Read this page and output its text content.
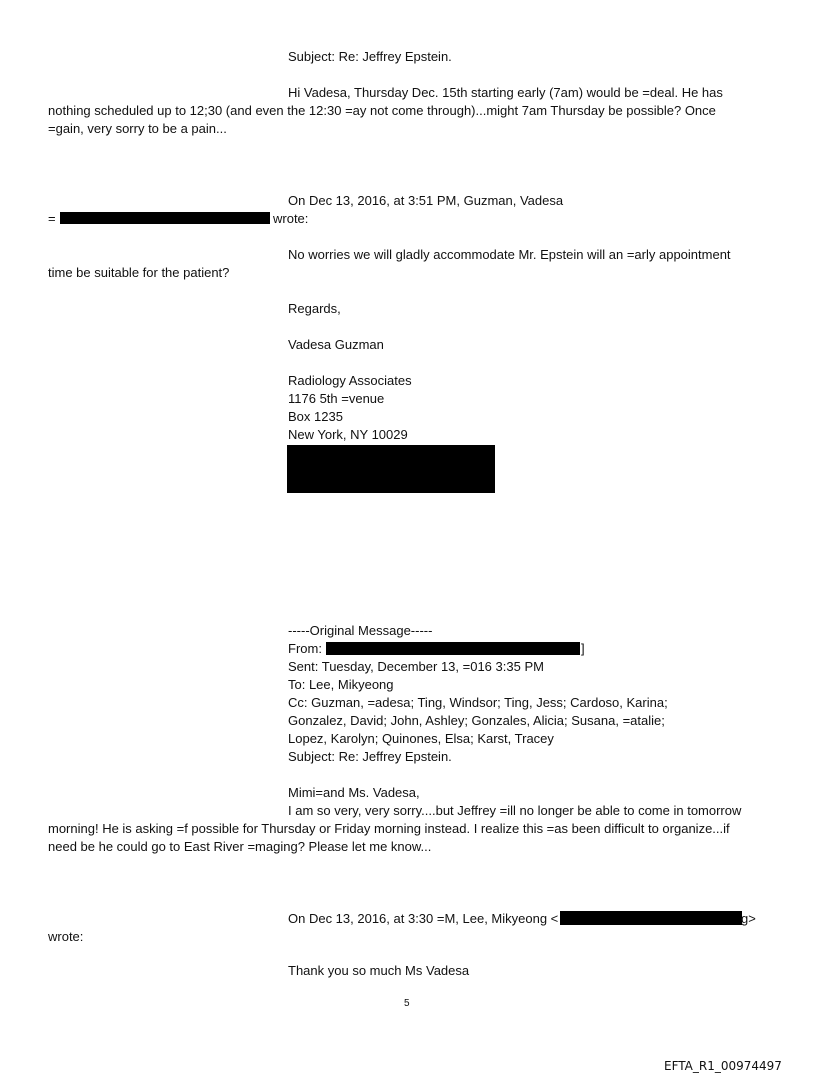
Subject: Re: Jeffrey Epstein.
Hi Vadesa, Thursday Dec. 15th starting early (7am) would be =deal. He has
nothing scheduled up to 12;30 (and even the 12:30 =ay not come through)...might 7am Thursday be possible? Once
=gain, very sorry to be a pain...
On Dec 13, 2016, at 3:51 PM, Guzman, Vadesa
=	wrote:
No worries we will gladly accommodate Mr. Epstein will an =arly appointment
time be suitable for the patient?
Regards,
Vadesa Guzman
Radiology Associates
1176 5th =venue
Box 1235
New York, NY 10029
-----Original Message-----
From:	]
Sent: Tuesday, December 13, =016 3:35 PM
To: Lee, Mikyeong
Cc: Guzman, =adesa; Ting, Windsor; Ting, Jess; Cardoso, Karina;
Gonzalez, David; John, Ashley; Gonzales, Alicia; Susana, =atalie;
Lopez, Karolyn; Quinones, Elsa; Karst, Tracey
Subject: Re: Jeffrey Epstein.
Mimi=and Ms. Vadesa,
I am so very, very sorry....but Jeffrey =ill no longer be able to come in tomorrow
morning! He is asking =f possible for Thursday or Friday morning instead. I realize this =as been difficult to organize...if
need be he could go to East River =maging? Please let me know...
On Dec 13, 2016, at 3:30 =M, Lee, Mikyeong <	g>
wrote:
Thank you so much Ms Vadesa
5
EFTA_R1_00974497
